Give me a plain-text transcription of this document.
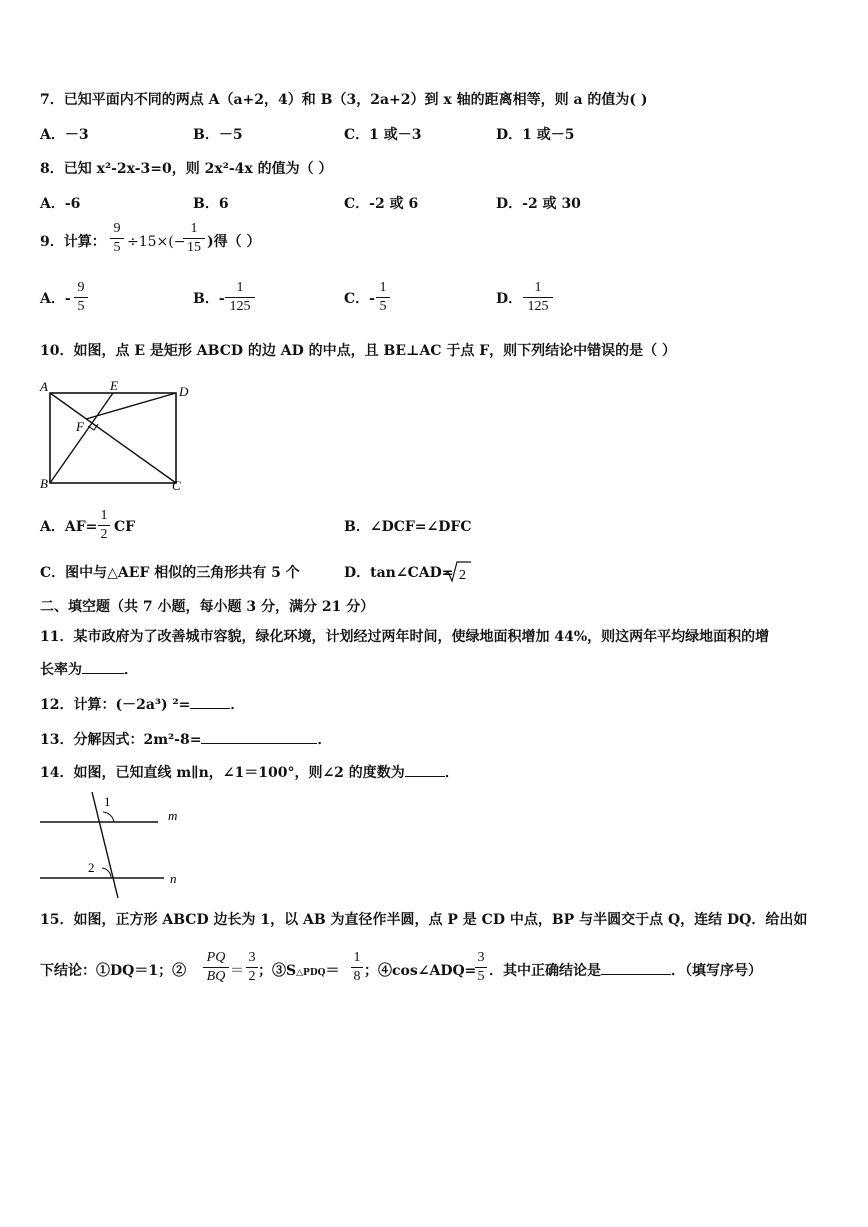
7．已知平面内不同的两点 A（a+2，4）和 B（3，2a+2）到 x 轴的距离相等，则 a 的值为( )
A．－3	B．－5	C．1 或－3	D．1 或－5
8．已知 x²-2x-3=0，则 2x²-4x 的值为（ ）
A．-6	B．6	C．-2 或 6	D．-2 或 30
9．计算：
9
5 ÷15×(−
1
15 )得（ ）
A．-
9
5	B．-
1
125	C．-
1
5	D．
1
125
10．如图，点 E 是矩形 ABCD 的边 AD 的中点，且 BE⊥AC 于点 F，则下列结论中错误的是（ ）
A	E	D
F
B	C
A．AF=
1
2 CF	B．∠DCF=∠DFC
C．图中与△AEF 相似的三角形共有 5 个	D．tan∠CAD= 2
二、填空题（共 7 小题，每小题 3 分，满分 21 分）
11．某市政府为了改善城市容貌，绿化环境，计划经过两年时间，使绿地面积增加 44%，则这两年平均绿地面积的增
长率为	．
12．计算：(－2a³) ²=	．
13．分解因式：2m²-8=	．
14．如图，已知直线 m∥n，∠1＝100°，则∠2 的度数为	．
1
2
m
n
15．如图，正方形 ABCD 边长为 1，以 AB 为直径作半圆，点 P 是 CD 中点，BP 与半圆交于点 Q，连结 DQ．给出如
下结论：①DQ＝1；②
PQ
BQ ＝
3
2 ；③S△PDQ＝
1
8 ；④cos∠ADQ=
3
5 ．其中正确结论是	．（填写序号）
